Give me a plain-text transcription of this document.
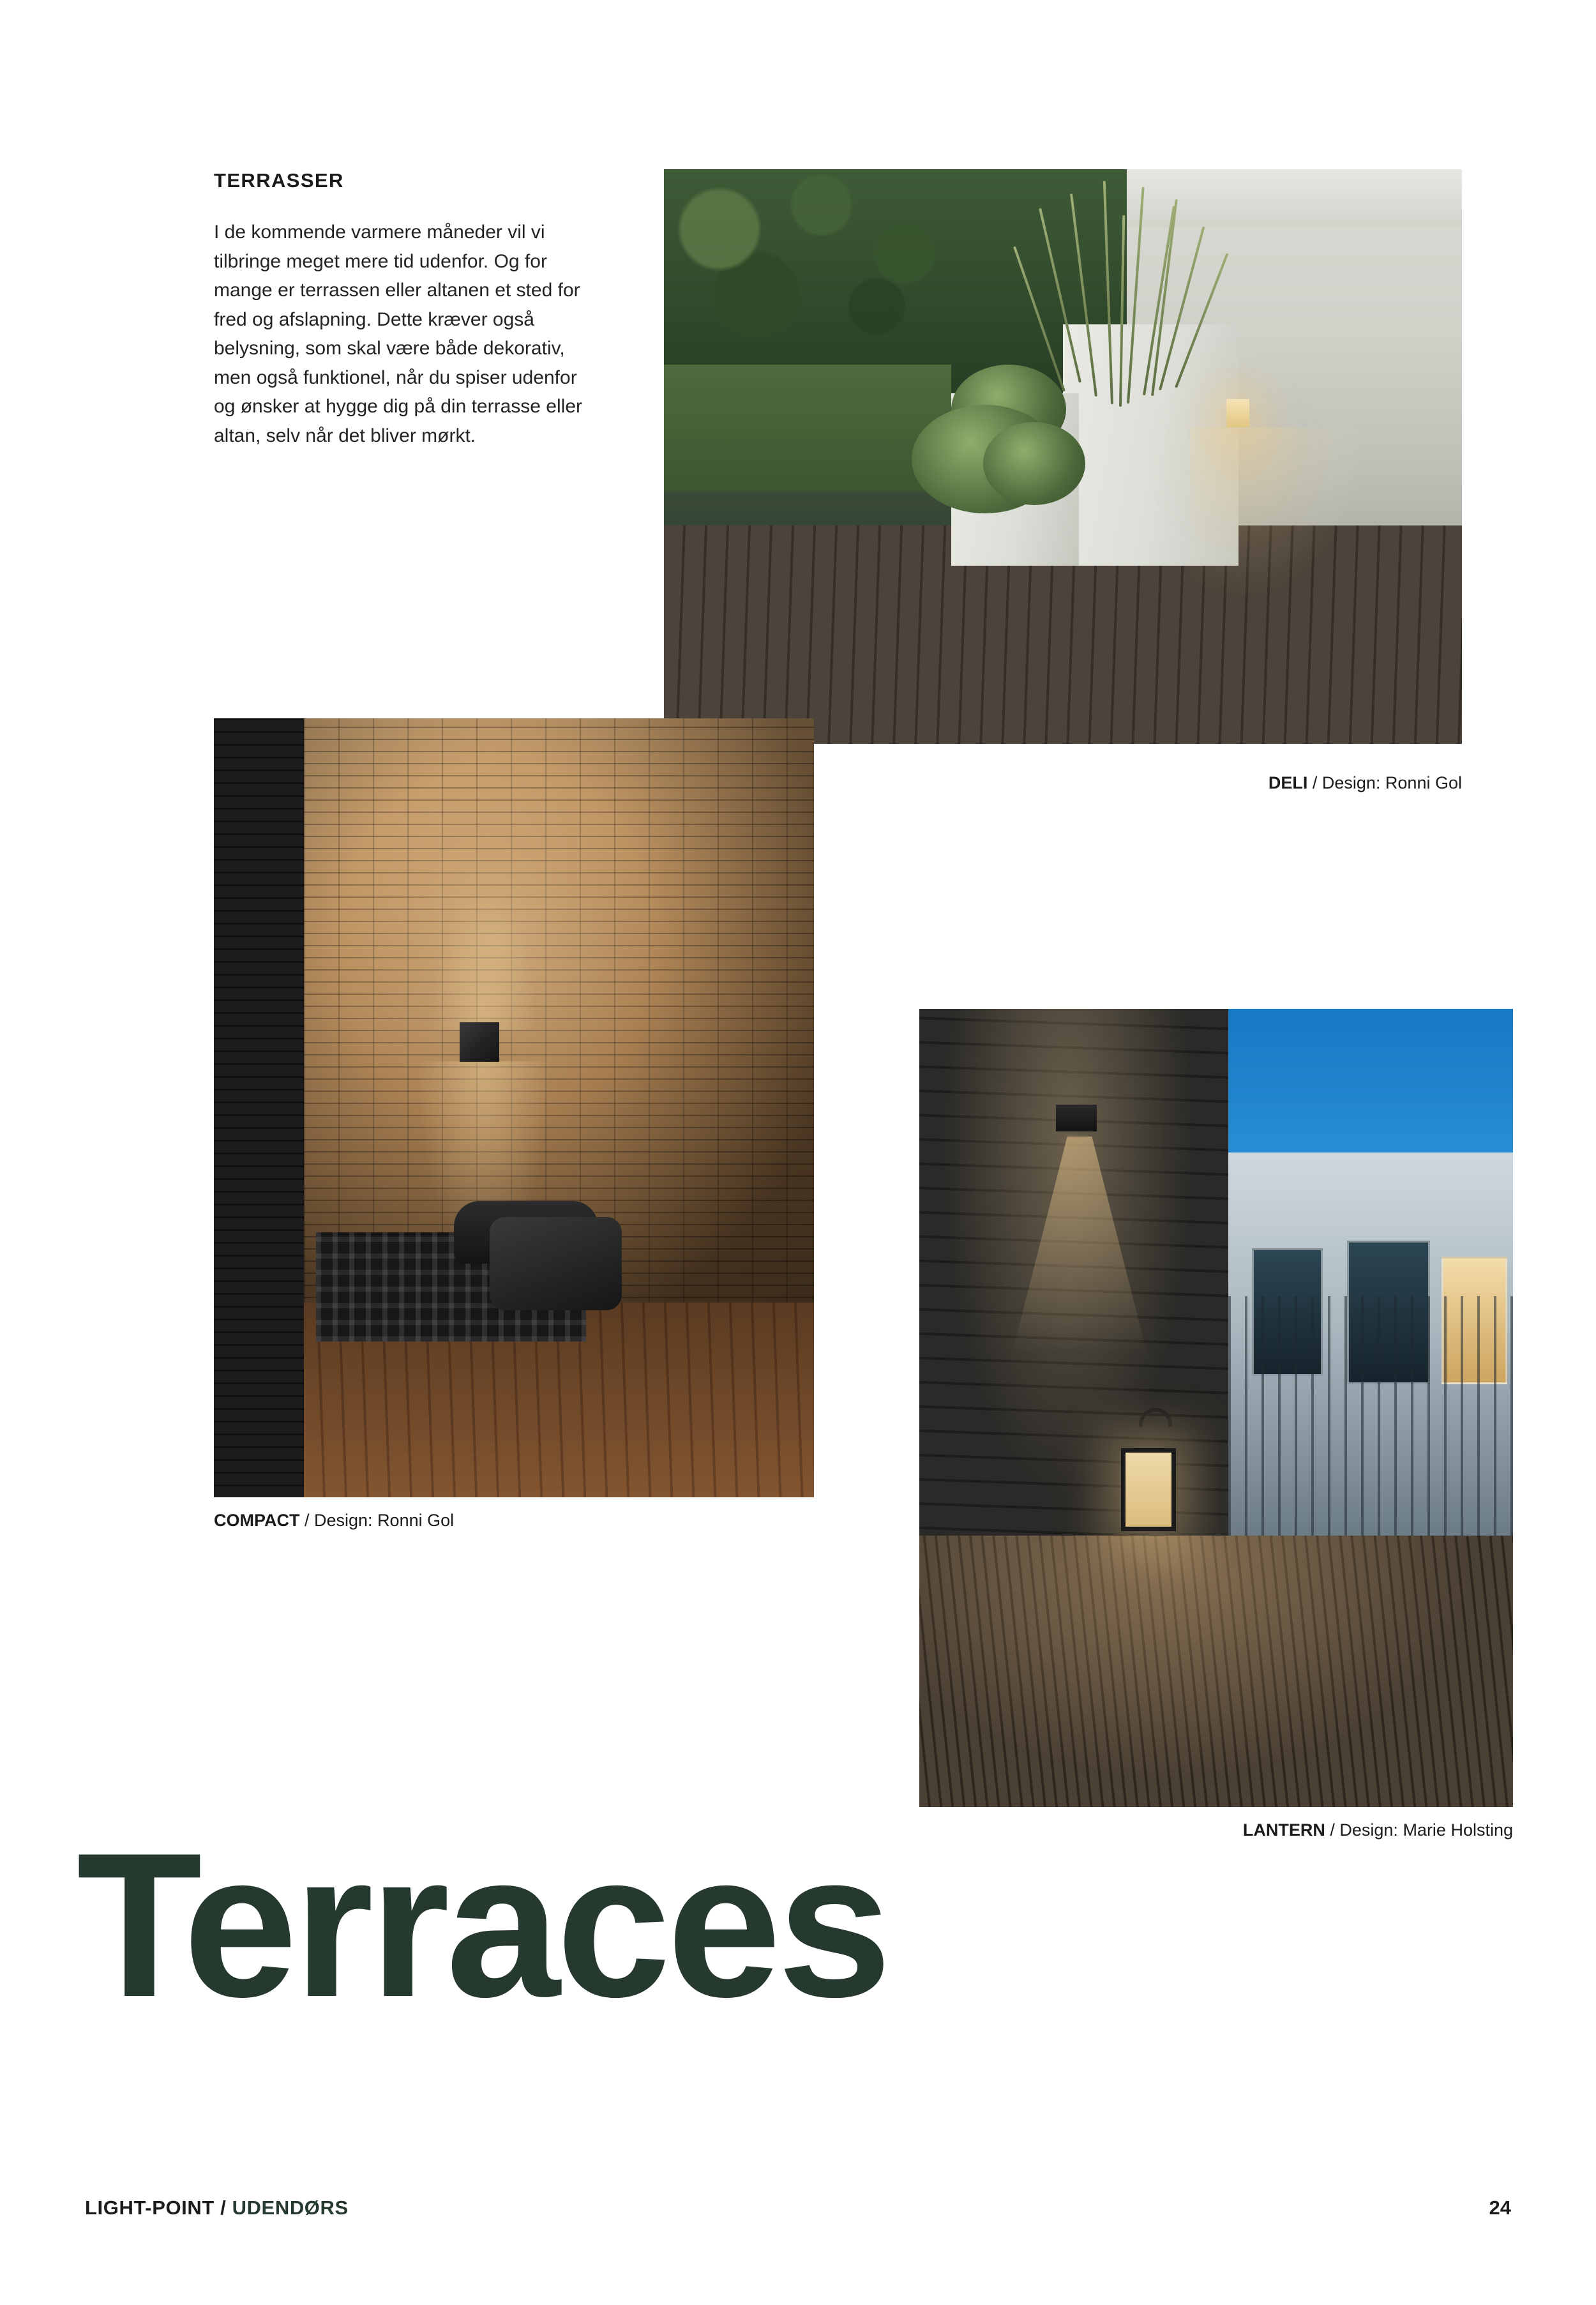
TERRASSER
I de kommende varmere måneder vil vi tilbringe meget mere tid udenfor. Og for mange er terrassen eller altanen et sted for fred og afslapning. Dette kræver også belysning, som skal være både dekorativ, men også funktionel, når du spiser udenfor og ønsker at hygge dig på din terrasse eller altan, selv når det bliver mørkt.
DELI / Design: Ronni Gol
COMPACT / Design: Ronni Gol
LANTERN / Design: Marie Holsting
Terraces
LIGHT-POINT / UDENDØRS	24
